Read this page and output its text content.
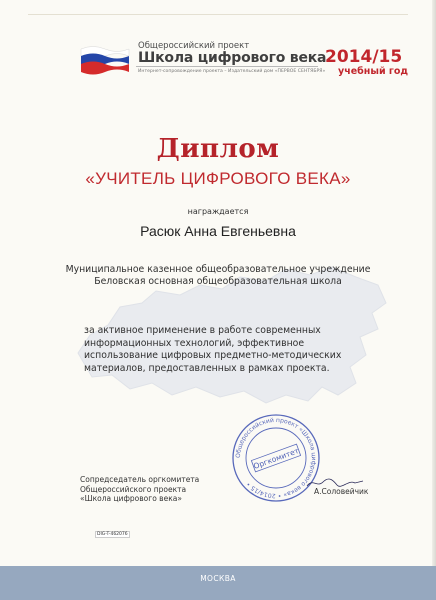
Общероссийский проект
Школа цифрового века
Интернет-сопровождение проекта – Издательский дом «ПЕРВОЕ СЕНТЯБРЯ»
2014/15
учебный год
Диплом
«УЧИТЕЛЬ ЦИФРОВОГО ВЕКА»
награждается
Расюк Анна Евгеньевна
Муниципальное казенное общеобразовательное учреждение
Беловская основная общеобразовательная школа
за активное применение в работе современных
информационных технологий, эффективное
использование цифровых предметно-методических
материалов, предоставленных в рамках проекта.
Общероссийский проект «Школа цифрового века» • 2014/15 •
Оргкомитет
Сопредседатель оргкомитета
Общероссийского проекта
«Школа цифрового века»
А.Соловейчик
DIG-T-462076
МОСКВА
